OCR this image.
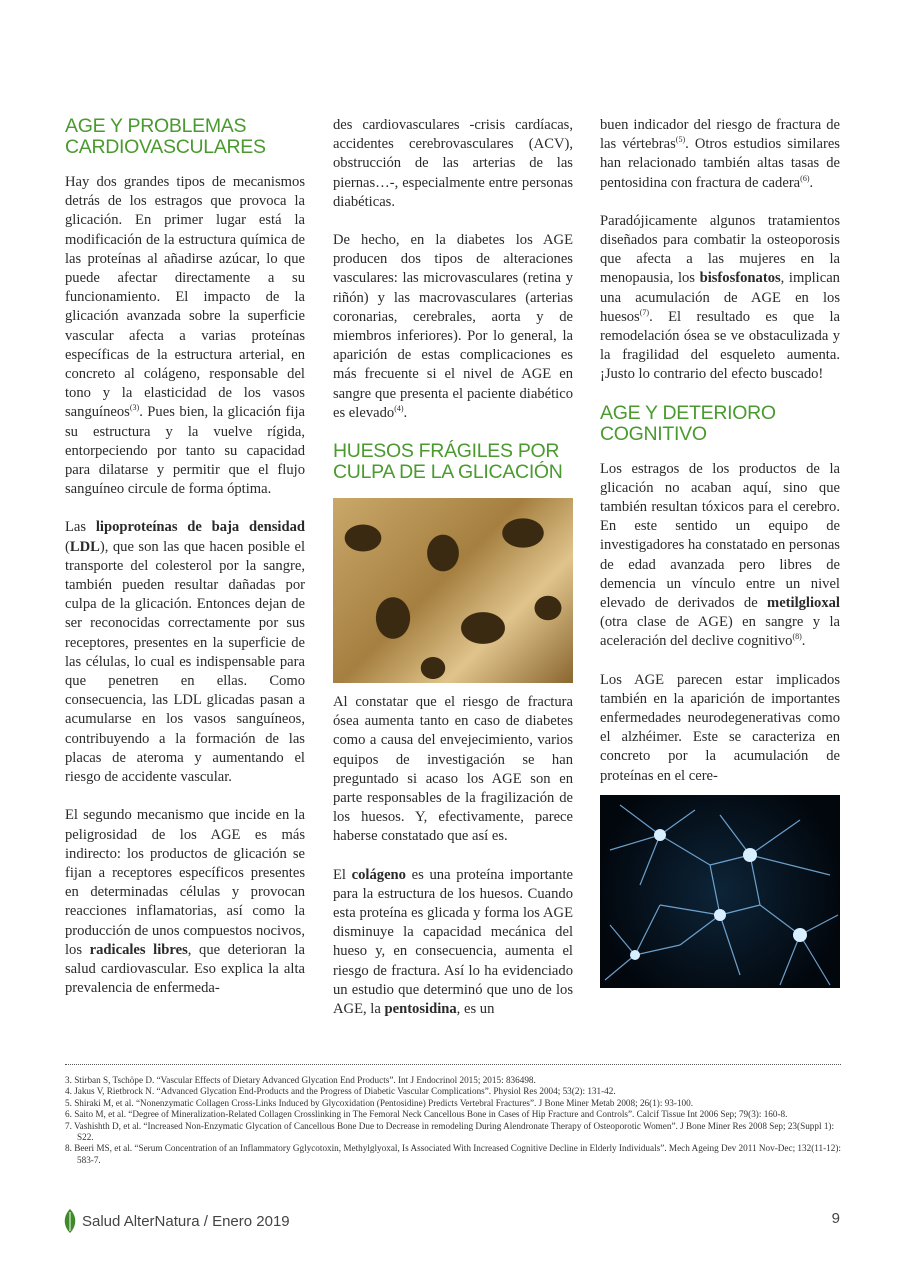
AGE Y PROBLEMAS CARDIOVASCULARES

Hay dos grandes tipos de mecanismos detrás de los estragos que provoca la glicación. En primer lugar está la modificación de la estructura química de las proteínas al añadirse azúcar, lo que puede afectar directamente a su funcionamiento. El impacto de la glicación avanzada sobre la superficie vascular afecta a varias proteínas específicas de la estructura arterial, en concreto al colágeno, responsable del tono y la elasticidad de los vasos sanguíneos$^{(3)}$. Pues bien, la glicación fija su estructura y la vuelve rígida, entorpeciendo por tanto su capacidad para dilatarse y permitir que el flujo sanguíneo circule de forma óptima.

Las lipoproteínas de baja densidad (LDL), que son las que hacen posible el transporte del colesterol por la sangre, también pueden resultar dañadas por culpa de la glicación. Entonces dejan de ser reconocidas correctamente por sus receptores, presentes en la superficie de las células, lo cual es indispensable para que penetren en ellas. Como consecuencia, las LDL glicadas pasan a acumularse en los vasos sanguíneos, contribuyendo a la formación de las placas de ateroma y aumentando el riesgo de accidente vascular.

El segundo mecanismo que incide en la peligrosidad de los AGE es más indirecto: los productos de glicación se fijan a receptores específicos presentes en determinadas células y provocan reacciones inflamatorias, así como la producción de unos compuestos nocivos, los radicales libres, que deterioran la salud cardiovascular. Eso explica la alta prevalencia de enfermeda-

des cardiovasculares -crisis cardíacas, accidentes cerebrovasculares (ACV), obstrucción de las arterias de las piernas…-, especialmente entre personas diabéticas.

De hecho, en la diabetes los AGE producen dos tipos de alteraciones vasculares: las microvasculares (retina y riñón) y las macrovasculares (arterias coronarias, cerebrales, aorta y de miembros inferiores). Por lo general, la aparición de estas complicaciones es más frecuente si el nivel de AGE en sangre que presenta el paciente diabético es elevado$^{(4)}$.

HUESOS FRÁGILES POR CULPA DE LA GLICACIÓN

Al constatar que el riesgo de fractura ósea aumenta tanto en caso de diabetes como a causa del envejecimiento, varios equipos de investigación se han preguntado si acaso los AGE son en parte responsables de la fragilización de los huesos. Y, efectivamente, parece haberse constatado que así es.

El colágeno es una proteína importante para la estructura de los huesos. Cuando esta proteína es glicada y forma los AGE disminuye la capacidad mecánica del hueso y, en consecuencia, aumenta el riesgo de fractura. Así lo ha evidenciado un estudio que determinó que uno de los AGE, la pentosidina, es un

buen indicador del riesgo de fractura de las vértebras$^{(5)}$. Otros estudios similares han relacionado también altas tasas de pentosidina con fractura de cadera$^{(6)}$.

Paradójicamente algunos tratamientos diseñados para combatir la osteoporosis que afecta a las mujeres en la menopausia, los bisfosfonatos, implican una acumulación de AGE en los huesos$^{(7)}$. El resultado es que la remodelación ósea se ve obstaculizada y la fragilidad del esqueleto aumenta. ¡Justo lo contrario del efecto buscado!

AGE Y DETERIORO COGNITIVO

Los estragos de los productos de la glicación no acaban aquí, sino que también resultan tóxicos para el cerebro. En este sentido un equipo de investigadores ha constatado en personas de edad avanzada pero libres de demencia un vínculo entre un nivel elevado de derivados de metilglioxal (otra clase de AGE) en sangre y la aceleración del declive cognitivo$^{(8)}$.

Los AGE parecen estar implicados también en la aparición de importantes enfermedades neurodegenerativas como el alzhéimer. Este se caracteriza en concreto por la acumulación de proteínas en el cere-

3. Stirban S, Tschöpe D. “Vascular Effects of Dietary Advanced Glycation End Products”. Int J Endocrinol 2015; 2015: 836498.
4. Jakus V, Rietbrock N. “Advanced Glycation End-Products and the Progress of Diabetic Vascular Complications”. Physiol Res 2004; 53(2): 131-42.
5. Shiraki M, et al. “Nonenzymatic Collagen Cross-Links Induced by Glycoxidation (Pentosidine) Predicts Vertebral Fractures”. J Bone Miner Metab 2008; 26(1): 93-100.
6. Saito M, et al. “Degree of Mineralization-Related Collagen Crosslinking in The Femoral Neck Cancellous Bone in Cases of Hip Fracture and Controls”. Calcif Tissue Int 2006 Sep; 79(3): 160-8.
7. Vashishth D, et al. “Increased Non-Enzymatic Glycation of Cancellous Bone Due to Decrease in remodeling During Alendronate Therapy of Osteoporotic Women”. J Bone Miner Res 2008 Sep; 23(Suppl 1): S22.
8. Beeri MS, et al. “Serum Concentration of an Inflammatory Gglycotoxin, Methylglyoxal, Is Associated With Increased Cognitive Decline in Elderly Individuals”. Mech Ageing Dev 2011 Nov-Dec; 132(11-12): 583-7.
Salud AlterNatura / Enero 2019	9
